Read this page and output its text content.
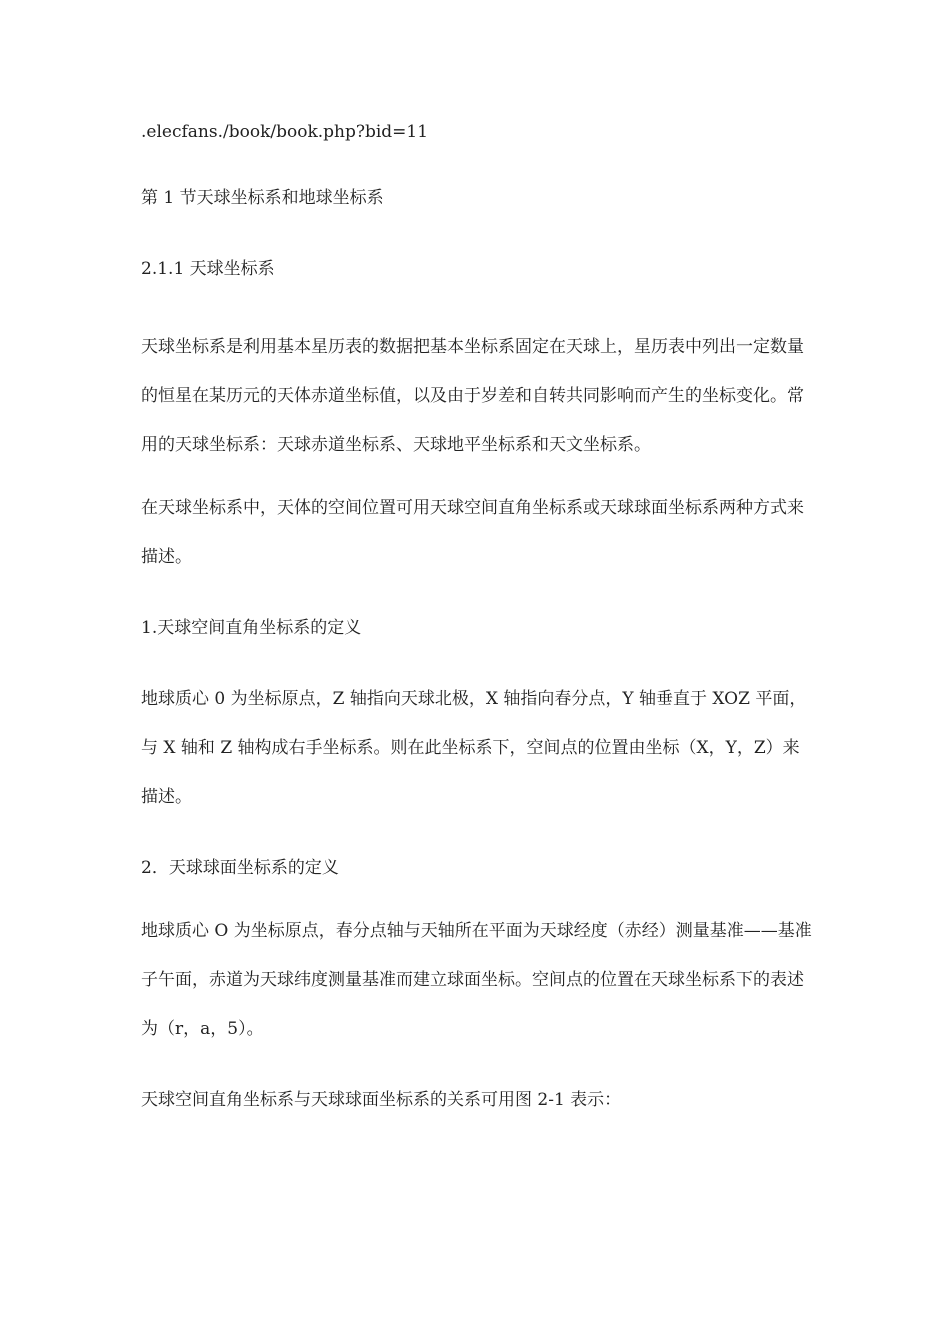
.elecfans./book/book.php?bid=11
第 1 节天球坐标系和地球坐标系
2.1.1 天球坐标系

天球坐标系是利用基本星历表的数据把基本坐标系固定在天球上，星历表中列出一定数量
的恒星在某历元的天体赤道坐标值，以及由于岁差和自转共同影响而产生的坐标变化。常
用的天球坐标系：天球赤道坐标系、天球地平坐标系和天文坐标系。

在天球坐标系中，天体的空间位置可用天球空间直角坐标系或天球球面坐标系两种方式来
描述。

1.天球空间直角坐标系的定义

地球质心 0 为坐标原点，Z 轴指向天球北极，X 轴指向春分点，Y 轴垂直于 XOZ 平面，
与 X 轴和 Z 轴构成右手坐标系。则在此坐标系下，空间点的位置由坐标（X，Y，Z）来
描述。

2．天球球面坐标系的定义

地球质心 O 为坐标原点，春分点轴与天轴所在平面为天球经度（赤经）测量基准——基准
子午面，赤道为天球纬度测量基准而建立球面坐标。空间点的位置在天球坐标系下的表述
为（r，a，5）。

天球空间直角坐标系与天球球面坐标系的关系可用图 2-1 表示：
